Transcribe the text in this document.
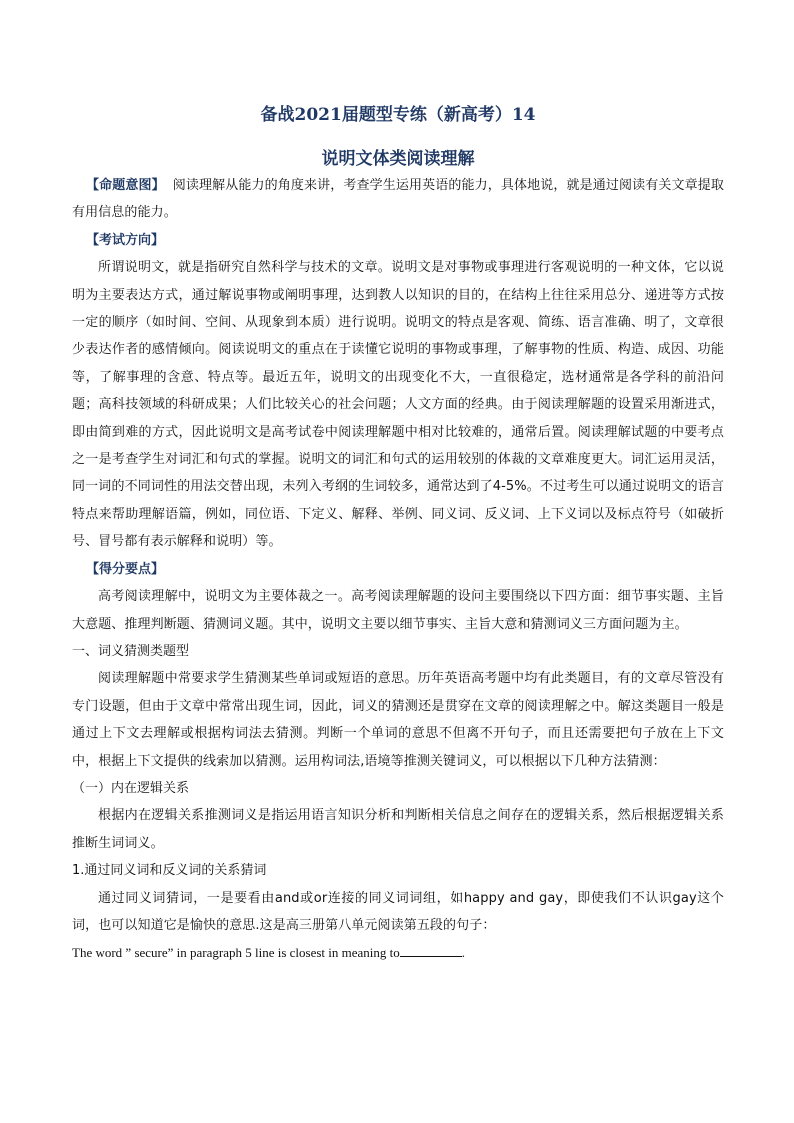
备战2021届题型专练（新高考）14
说明文体类阅读理解

【命题意图】 阅读理解从能力的角度来讲，考查学生运用英语的能力，具体地说，就是通过阅读有关文章提取有用信息的能力。

【考试方向】

所谓说明文，就是指研究自然科学与技术的文章。说明文是对事物或事理进行客观说明的一种文体，它以说明为主要表达方式，通过解说事物或阐明事理，达到教人以知识的目的，在结构上往往采用总分、递进等方式按一定的顺序（如时间、空间、从现象到本质）进行说明。说明文的特点是客观、简练、语言准确、明了，文章很少表达作者的感情倾向。阅读说明文的重点在于读懂它说明的事物或事理，了解事物的性质、构造、成因、功能等，了解事理的含意、特点等。最近五年，说明文的出现变化不大，一直很稳定，选材通常是各学科的前沿问题；高科技领域的科研成果；人们比较关心的社会问题；人文方面的经典。由于阅读理解题的设置采用渐进式，即由简到难的方式，因此说明文是高考试卷中阅读理解题中相对比较难的，通常后置。阅读理解试题的中要考点之一是考查学生对词汇和句式的掌握。说明文的词汇和句式的运用较别的体裁的文章难度更大。词汇运用灵活，同一词的不同词性的用法交替出现，未列入考纲的生词较多，通常达到了4-5%。不过考生可以通过说明文的语言特点来帮助理解语篇，例如，同位语、下定义、解释、举例、同义词、反义词、上下义词以及标点符号（如破折号、冒号都有表示解释和说明）等。

【得分要点】

高考阅读理解中，说明文为主要体裁之一。高考阅读理解题的设问主要围绕以下四方面：细节事实题、主旨大意题、推理判断题、猜测词义题。其中，说明文主要以细节事实、主旨大意和猜测词义三方面问题为主。

一、词义猜测类题型

阅读理解题中常要求学生猜测某些单词或短语的意思。历年英语高考题中均有此类题目，有的文章尽管没有专门设题，但由于文章中常常出现生词，因此，词义的猜测还是贯穿在文章的阅读理解之中。解这类题目一般是通过上下文去理解或根据构词法去猜测。判断一个单词的意思不但离不开句子，而且还需要把句子放在上下文中，根据上下文提供的线索加以猜测。运用构词法,语境等推测关键词义，可以根据以下几种方法猜测：

（一）内在逻辑关系

根据内在逻辑关系推测词义是指运用语言知识分析和判断相关信息之间存在的逻辑关系，然后根据逻辑关系推断生词词义。

1.通过同义词和反义词的关系猜词

通过同义词猜词，一是要看由and或or连接的同义词词组，如happy and gay，即使我们不认识gay这个词，也可以知道它是愉快的意思.这是高三册第八单元阅读第五段的句子：

The word ” secure” in paragraph 5 line is closest in meaning to	.
